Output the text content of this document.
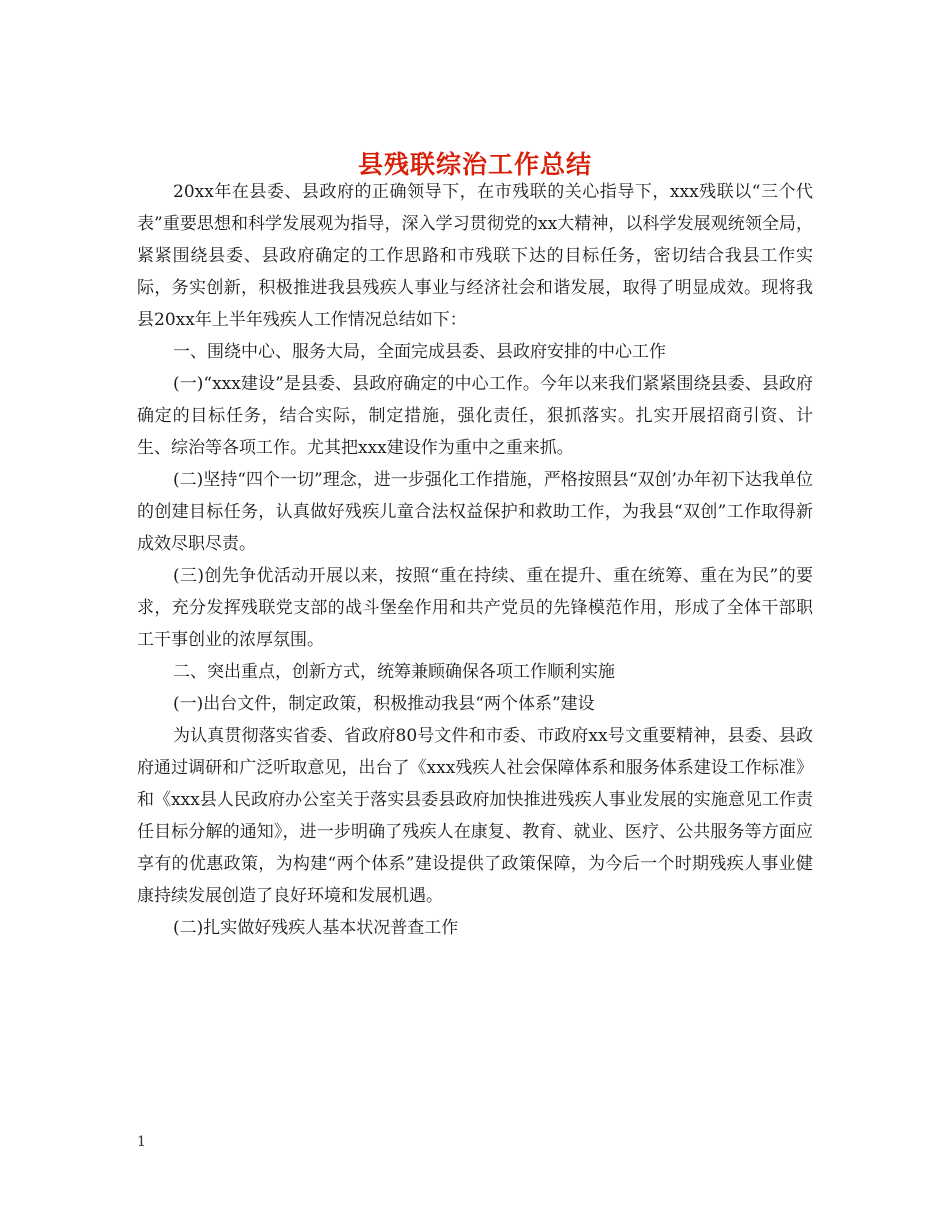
县残联综治工作总结

20xx年在县委、县政府的正确领导下，在市残联的关心指导下，xxx残联以“三个代表”重要思想和科学发展观为指导，深入学习贯彻党的xx大精神，以科学发展观统领全局，紧紧围绕县委、县政府确定的工作思路和市残联下达的目标任务，密切结合我县工作实际，务实创新，积极推进我县残疾人事业与经济社会和谐发展，取得了明显成效。现将我县20xx年上半年残疾人工作情况总结如下：

一、围绕中心、服务大局，全面完成县委、县政府安排的中心工作

(一)“xxx建设”是县委、县政府确定的中心工作。今年以来我们紧紧围绕县委、县政府确定的目标任务，结合实际，制定措施，强化责任，狠抓落实。扎实开展招商引资、计生、综治等各项工作。尤其把xxx建设作为重中之重来抓。

(二)坚持“四个一切”理念，进一步强化工作措施，严格按照县“双创’办年初下达我单位的创建目标任务，认真做好残疾儿童合法权益保护和救助工作，为我县“双创”工作取得新成效尽职尽责。

(三)创先争优活动开展以来，按照“重在持续、重在提升、重在统筹、重在为民”的要求，充分发挥残联党支部的战斗堡垒作用和共产党员的先锋模范作用，形成了全体干部职工干事创业的浓厚氛围。

二、突出重点，创新方式，统筹兼顾确保各项工作顺利实施

(一)出台文件，制定政策，积极推动我县“两个体系”建设

为认真贯彻落实省委、省政府80号文件和市委、市政府xx号文重要精神，县委、县政府通过调研和广泛听取意见，出台了《xxx残疾人社会保障体系和服务体系建设工作标准》和《xxx县人民政府办公室关于落实县委县政府加快推进残疾人事业发展的实施意见工作责任目标分解的通知》，进一步明确了残疾人在康复、教育、就业、医疗、公共服务等方面应享有的优惠政策，为构建“两个体系”建设提供了政策保障，为今后一个时期残疾人事业健康持续发展创造了良好环境和发展机遇。

(二)扎实做好残疾人基本状况普查工作

1
